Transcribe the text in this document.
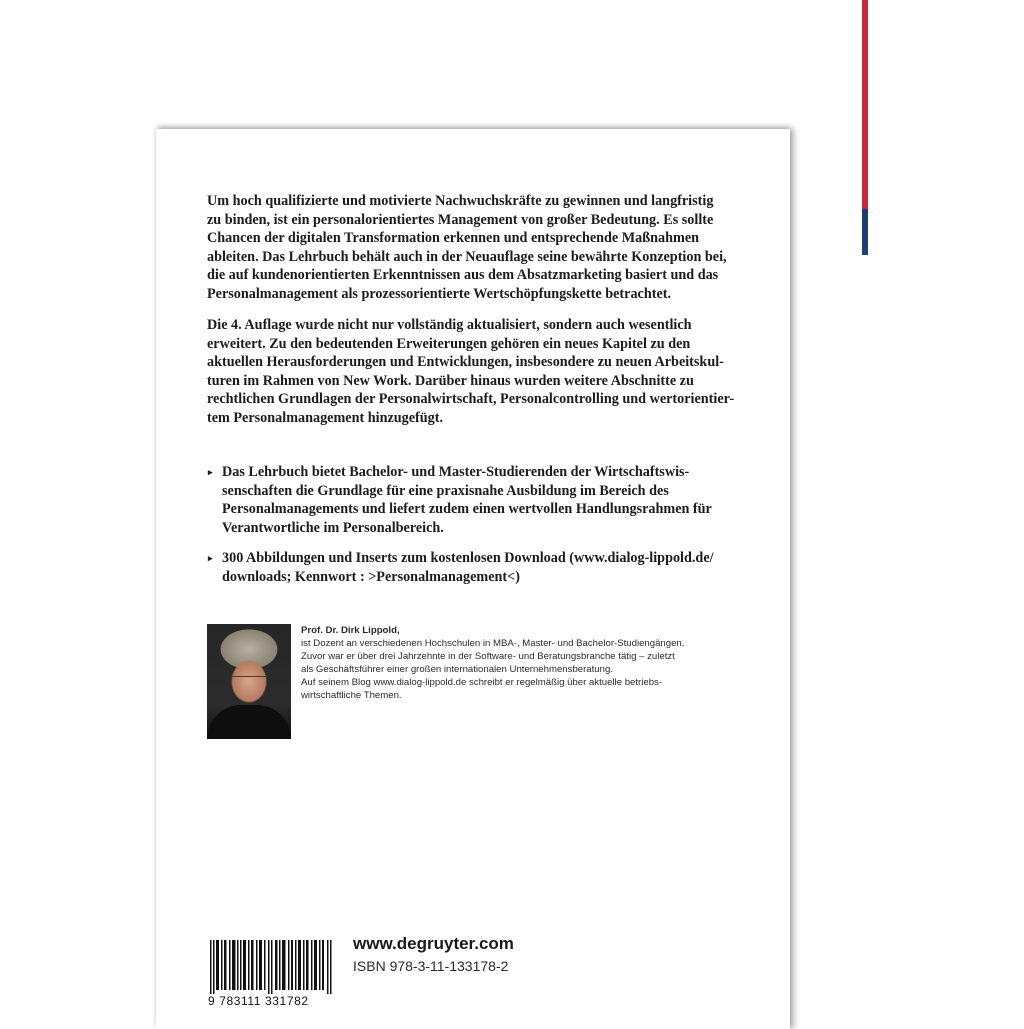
Um hoch qualifizierte und motivierte Nachwuchskräfte zu gewinnen und langfristig
zu binden, ist ein personalorientiertes Management von großer Bedeutung. Es sollte
Chancen der digitalen Transformation erkennen und entsprechende Maßnahmen
ableiten. Das Lehrbuch behält auch in der Neuauflage seine bewährte Konzeption bei,
die auf kundenorientierten Erkenntnissen aus dem Absatzmarketing basiert und das
Personalmanagement als prozessorientierte Wertschöpfungskette betrachtet.
Die 4. Auflage wurde nicht nur vollständig aktualisiert, sondern auch wesentlich
erweitert. Zu den bedeutenden Erweiterungen gehören ein neues Kapitel zu den
aktuellen Herausforderungen und Entwicklungen, insbesondere zu neuen Arbeitskul-
turen im Rahmen von New Work. Darüber hinaus wurden weitere Abschnitte zu
rechtlichen Grundlagen der Personalwirtschaft, Personalcontrolling und wertorientier-
tem Personalmanagement hinzugefügt.
▸ Das Lehrbuch bietet Bachelor- und Master-Studierenden der Wirtschaftswis-
senschaften die Grundlage für eine praxisnahe Ausbildung im Bereich des
Personalmanagements und liefert zudem einen wertvollen Handlungsrahmen für
Verantwortliche im Personalbereich.
▸ 300 Abbildungen und Inserts zum kostenlosen Download (www.dialog-lippold.de/
downloads; Kennwort : >Personalmanagement<)
Prof. Dr. Dirk Lippold,
ist Dozent an verschiedenen Hochschulen in MBA-, Master- und Bachelor-Studiengängen.
Zuvor war er über drei Jahrzehnte in der Software- und Beratungsbranche tätig – zuletzt
als Geschäftsführer einer großen internationalen Unternehmensberatung.
Auf seinem Blog www.dialog-lippold.de schreibt er regelmäßig über aktuelle betriebs-
wirtschaftliche Themen.
9 783111 331782
www.degruyter.com
ISBN 978-3-11-133178-2
